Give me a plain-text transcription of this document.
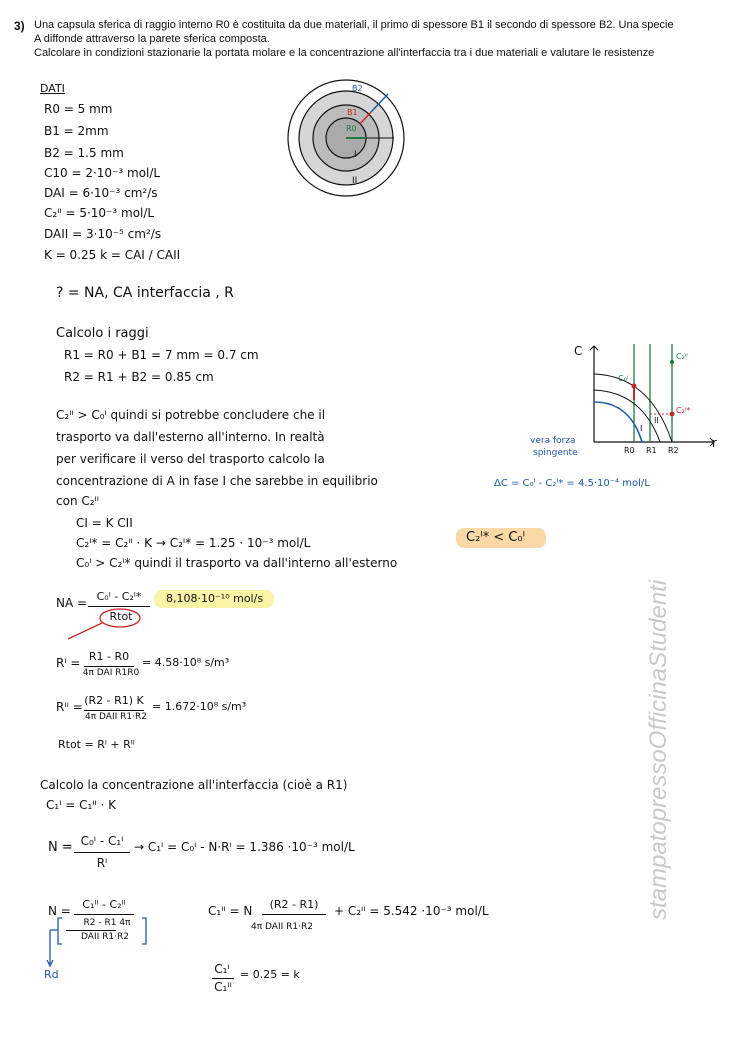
3) Una capsula sferica di raggio interno R0 è costituita da due materiali, il primo di spessore B1 il secondo di spessore B2. Una specie
A diffonde attraverso la parete sferica composta.
Calcolare in condizioni stazionarie la portata molare e la concentrazione all'interfaccia tra i due materiali e valutare le resistenze
DATI
R0 = 5 mm
B1 = 2mm
B2 = 1.5 mm
C10 = 2·10⁻³ mol/L
DAI = 6·10⁻³ cm²/s
C₂ᴵᴵ = 5·10⁻³ mol/L
DAII = 3·10⁻⁵ cm²/s
K = 0.25 k = CAI / CAII
? = NA, CA interfaccia , R
B2
B1
R0
I
II
Calcolo i raggi
R1 = R0 + B1 = 7 mm = 0.7 cm
R2 = R1 + B2 = 0.85 cm
C
r
R0 R1 R2
C₀ᴵ
C₂ᴵᴵ
C₂ᴵ*
I
II
vera forza
spingente
ΔC = C₀ᴵ - C₂ᴵ* = 4.5·10⁻⁴ mol/L
C₂ᴵᴵ > C₀ᴵ quindi si potrebbe concludere che il
trasporto va dall'esterno all'interno. In realtà
per verificare il verso del trasporto calcolo la
concentrazione di A in fase I che sarebbe in equilibrio
con C₂ᴵᴵ
CI = K CII
C₂ᴵ* = C₂ᴵᴵ · K → C₂ᴵ* = 1.25 · 10⁻³ mol/L
C₀ᴵ > C₂ᴵ* quindi il trasporto va dall'interno all'esterno
C₂ᴵ* < C₀ᴵ
NA = C₀ᴵ - C₂ᴵ*
Rtot
8,108·10⁻¹⁰ mol/s
Rᴵ = R1 - R0
4π DAI R1R0
= 4.58·10⁸ s/m³
Rᴵᴵ = (R2 - R1) K
4π DAII R1·R2
= 1.672·10⁸ s/m³
Rtot = Rᴵ + Rᴵᴵ
Calcolo la concentrazione all'interfaccia (cioè a R1)
C₁ᴵ = C₁ᴵᴵ · K
N = C₀ᴵ - C₁ᴵ
Rᴵ
→ C₁ᴵ = C₀ᴵ - N·Rᴵ = 1.386 ·10⁻³ mol/L
N =	C₁ᴵᴵ - C₂ᴵᴵ
R2 - R1 4π
DAII R1·R2
Rd
C₁ᴵᴵ = N	(R2 - R1)
4π DAII R1·R2
+ C₂ᴵᴵ = 5.542 ·10⁻³ mol/L
C₁ᴵ
C₁ᴵᴵ
= 0.25 = k
stampatopressoOfficinaStudenti
